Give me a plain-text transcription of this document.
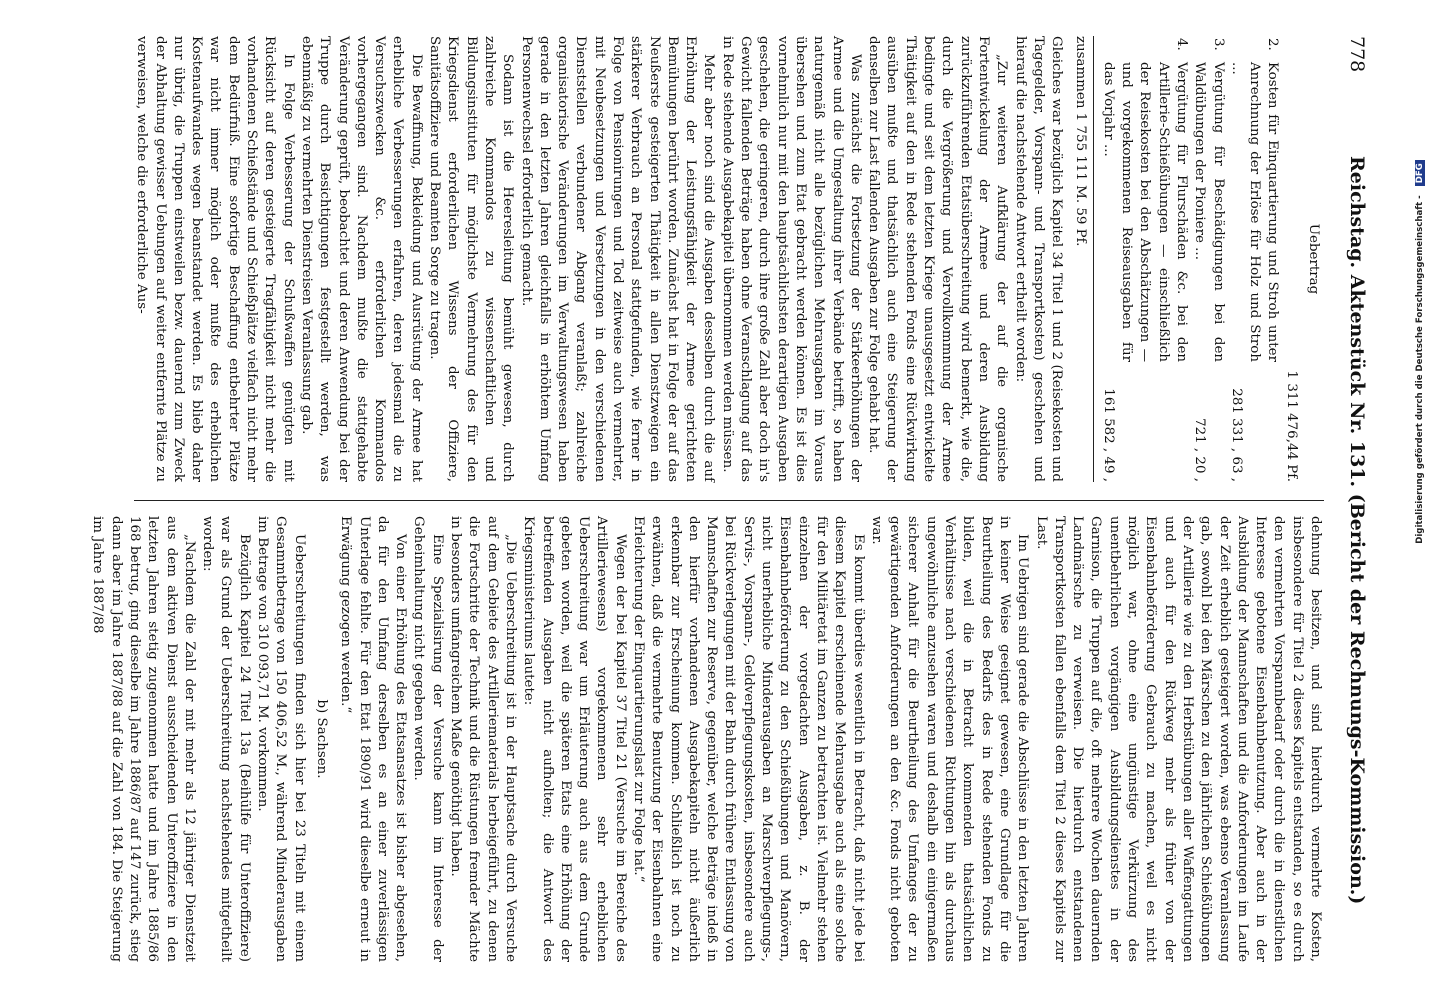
778
Reichstag. Aktenstück Nr. 131. (Bericht der Rechnungs-Kommission.)
Uebertrag
1 311 476,44 Pf.
2.
Kosten für Einquartierung und Stroh unter Anrechnung der Erlöse für Holz und Stroh ...
281 331 , 63 ,
3.
Vergütung für Beschädigungen bei den Waldübungen der Pioniere ...
721 , 20 ,
4.
Vergütung für Flurschäden &c. bei den Artillerie-Schießübungen — einschließlich der Reisekosten bei den Abschätzungen — und vorgekommenen Reiseausgaben für das Vorjahr ...
161 582 , 49 ,
zusammen 1 755 111 M. 59 Pf.

Gleiches war bezüglich Kapitel 34 Titel 1 und 2 (Reisekosten und Tagegelder, Vorspann- und Transportkosten) geschehen und hierauf die nachstehende Antwort ertheilt worden:

„Zur weiteren Aufklärung der auf die organische Fortentwickelung der Armee und deren Ausbildung zurückzuführenden Etatsüberschreitung wird bemerkt, wie die, durch die Vergrößerung und Vervollkommnung der Armee bedingte und seit dem letzten Kriege unausgesetzt entwickelte Thätigkeit auf den in Rede stehenden Fonds eine Rückwirkung ausüben mußte und thatsächlich auch eine Steigerung der denselben zur Last fallenden Ausgaben zur Folge gehabt hat.

Was zunächst die Fortsetzung der Stärkeerhöhungen der Armee und die Umgestaltung ihrer Verbände betrifft, so haben naturgemäß nicht alle bezüglichen Mehrausgaben im Voraus übersehen und zum Etat gebracht werden können. Es ist dies vornehmlich nur mit den hauptsächlichsten derartigen Ausgaben geschehen, die geringeren, durch ihre große Zahl aber doch in's Gewicht fallenden Beträge haben ohne Veranschlagung auf das in Rede stehende Ausgabekapitel übernommen werden müssen.

Mehr aber noch sind die Ausgaben desselben durch die auf Erhöhung der Leistungsfähigkeit der Armee gerichteten Bemühungen berührt worden. Zunächst hat in Folge der auf das Neußerste gesteigerten Thätigkeit in allen Dienstzweigen ein stärkerer Verbrauch an Personal stattgefunden, wie ferner in Folge von Pensionirungen und Tod zeitweise auch vermehrter, mit Neubesetzungen und Versetzungen in den verschiedenen Dienststellen verbundener Abgang veranlaßt; zahlreiche organisatorische Veränderungen im Verwaltungswesen haben gerade in den letzten Jahren gleichfalls in erhöhtem Umfang Personenwechsel erforderlich gemacht.

Sodann ist die Heeresleitung bemüht gewesen, durch zahlreiche Kommandos zu wissenschaftlichen und Bildungsinstituten für möglichste Vermehrung des für den Kriegsdienst erforderlichen Wissens der Offiziere, Sanitätsoffiziere und Beamten Sorge zu tragen.

Die Bewaffnung, Bekleidung und Ausrüstung der Armee hat erhebliche Verbesserungen erfahren, deren jedesmal die zu Versuchszwecken &c. erforderlichen Kommandos vorhergegangen sind. Nachdem mußte die stattgehabte Veränderung geprüft, beobachtet und deren Anwendung bei der Truppe durch Besichtigungen festgestellt werden, was ebenmäßig zu vermehrten Dienstreisen Veranlassung gab.

In Folge Verbesserung der Schußwaffen genügten mit Rücksicht auf deren gesteigerte Tragfähigkeit nicht mehr die vorhandenen Schießstände und Schießplätze vielfach nicht mehr dem Bedürfniß. Eine sofortige Beschaffung entbehrter Plätze war nicht immer möglich oder mußte des erheblichen Kostenaufwandes wegen beanstandet werden. Es blieb daher nur übrig, die Truppen einstweilen bezw. dauernd zum Zweck der Abhaltung gewisser Uebungen auf weiter entfernte Plätze zu verweisen, welche die erforderliche Aus-

dehnung besitzen, und sind hierdurch vermehrte Kosten, insbesondere für Titel 2 dieses Kapitels entstanden, so es durch den vermehrten Vorspannbedarf oder durch die in dienstlichen Interesse gebotene Eisenbahnbenutzung. Aber auch in der Ausbildung der Mannschaften und die Anforderungen im Laufe der Zeit erheblich gesteigert worden, was ebenso Veranlassung gab, sowohl bei den Märschen zu den jährlichen Schießübungen der Artillerie wie zu den Herbstübungen aller Waffengattungen und auch für den Rückweg mehr als früher von der Eisenbahnbeförderung Gebrauch zu machen, weil es nicht möglich war, ohne eine ungünstige Verkürzung des unentbehrlichen vorgängigen Ausbildungsdienstes in der Garnison, die Truppen auf die, oft mehrere Wochen dauernden Landmärsche zu verweisen. Die hierdurch entstandenen Transportkosten fallen ebenfalls dem Titel 2 dieses Kapitels zur Last.

Im Uebrigen sind gerade die Abschlüsse in den letzten Jahren in keiner Weise geeignet gewesen, eine Grundlage für die Beurtheilung des Bedarfs des in Rede stehenden Fonds zu bilden, weil die in Betracht kommenden thatsächlichen Verhältnisse nach verschiedenen Richtungen hin als durchaus ungewöhnliche anzusehen waren und deshalb ein einigermaßen sicherer Anhalt für die Beurtheilung des Umfanges der zu gewärtigenden Anforderungen an den &c. Fonds nicht geboten war.

Es kommt überdies wesentlich in Betracht, daß nicht jede bei diesem Kapitel erscheinende Mehrausgabe auch als eine solche für den Militäretat im Ganzen zu betrachten ist. Vielmehr stehen einzelnen der vorgedachten Ausgaben, z. B. der Eisenbahnbeförderung zu den Schießübungen und Manövern, nicht unerhebliche Minderausgaben an Marschverpflegungs-, Servis-, Vorspann-, Geldverpflegungskosten, insbesondere auch bei Rückverlegungen mit der Bahn durch frühere Entlassung von Mannschaften zur Reserve, gegenüber, welche Beträge indeß in den hierfür vorhandenen Ausgabekapiteln nicht äußerlich erkennbar zur Erscheinung kommen. Schließlich ist noch zu erwähnen, daß die vermehrte Benutzung der Eisenbahnen eine Erleichterung der Einquartierungslast zur Folge hat.“

Wegen der bei Kapitel 37 Titel 21 (Versuche im Bereiche des Artilleriewesens) vorgekommenen sehr erheblichen Ueberschreitung war um Erläuterung auch aus dem Grunde gebeten worden, weil die späteren Etats eine Erhöhung der betreffenden Ausgaben nicht aufholten; die Antwort des Kriegsministeriums lautete:

„Die Ueberschreitung ist in der Hauptsache durch Versuche auf dem Gebiete des Artilleriematerials herbeigeführt, zu denen die Fortschritte der Technik und die Rüstungen fremder Mächte in besonders umfangreichem Maße genöthigt haben.

Eine Spezialisirung der Versuche kann im Interesse der Geheimhaltung nicht gegeben werden.

Von einer Erhöhung des Etatsansatzes ist bisher abgesehen, da für den Umfang derselben es an einer zuverlässigen Unterlage fehlte. Für den Etat 1890/91 wird dieselbe erneut in Erwägung gezogen werden.“

b) Sachsen.

Ueberschreitungen finden sich hier bei 23 Titeln mit einem Gesammtbetrage von 150 406,52 M., während Minderausgaben im Betrage von 310 093,71 M. vorkommen.

Bezüglich Kapitel 24 Titel 13a (Beihülfe für Unteroffiziere) war als Grund der Ueberschreitung nachstehendes mitgetheilt worden:

„Nachdem die Zahl der mit mehr als 12 jähriger Dienstzeit aus dem aktiven Dienst ausscheidenden Unteroffiziere in den letzten Jahren stetig zugenommen hatte und im Jahre 1885/86 168 betrug, ging dieselbe im Jahre 1886/87 auf 147 zurück, stieg dann aber im Jahre 1887/88 auf die Zahl von 184. Die Steigerung im Jahre 1887/88

Digitalisierung gefördert durch die Deutsche Forschungsgemeinschaft - DFG
